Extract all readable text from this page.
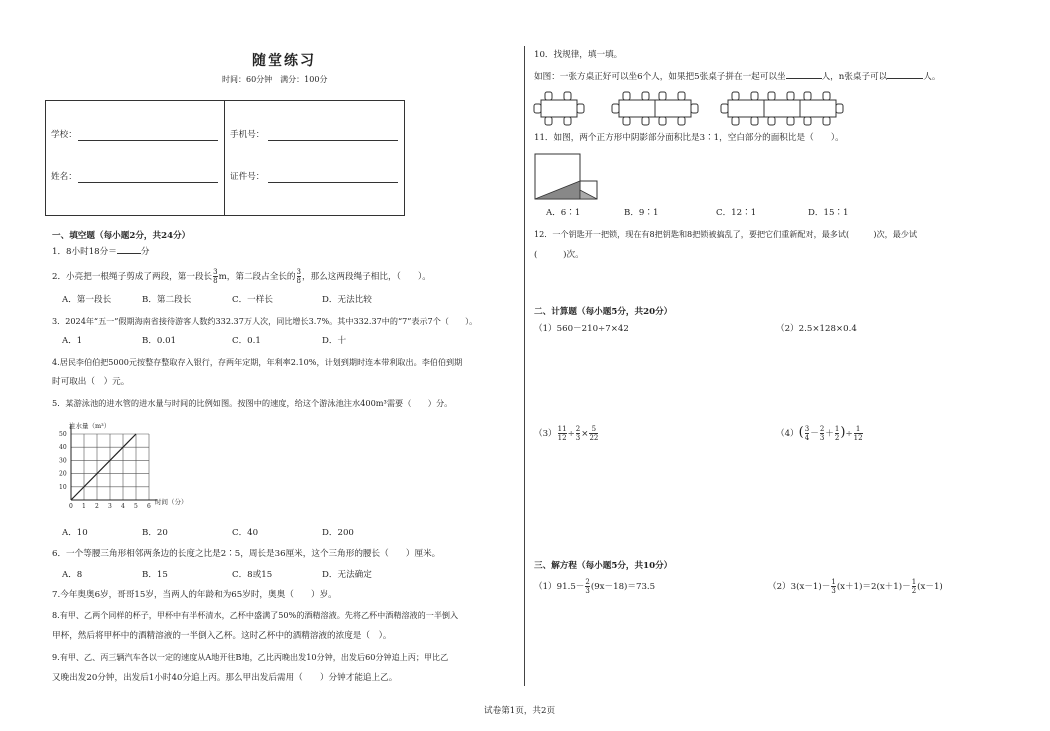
随堂练习
时间：60分钟　满分：100分
学校：	手机号：
姓名：	证件号：
一、填空题（每小题2分，共24分）
1．8小时18分＝	分
2．小亮把一根绳子剪成了两段，第一段长 $\frac{3}{8}$ m，第二段占全长的 $\frac{3}{8}$ ，那么这两段绳子相比，（　　）。
A．第一段长	B．第二段长	C．一样长	D．无法比较
3．2024年“五一”假期海南省接待游客人数约332.37万人次，同比增长3.7%。其中332.37中的“7”表示7个（　　）。
A．1	B．0.01	C．0.1	D．十
4.居民李伯伯把5000元按整存整取存入银行，存两年定期，年利率2.10%，计划到期时连本带利取出。李伯伯到期
时可取出（　）元。
5．某游泳池的进水管的进水量与时间的比例如图。按图中的速度，给这个游泳池注水400m³需要（　　）分。
0 1 2 3 4 5 6
10
20
30
40
50
注水量（m³）
时间（分）
A．10	B．20	C．40	D．200
6．一个等腰三角形相邻两条边的长度之比是2∶5，周长是36厘米，这个三角形的腰长（　　）厘米。
A．8	B．15	C．8或15	D．无法确定
7.今年奥奥6岁，哥哥15岁，当两人的年龄和为65岁时，奥奥（　　）岁。
8.有甲、乙两个同样的杯子，甲杯中有半杯清水，乙杯中盛满了50%的酒精溶液。先将乙杯中酒精溶液的一半倒入
甲杯，然后将甲杯中的酒精溶液的一半倒入乙杯。这时乙杯中的酒精溶液的浓度是（　）。
9.有甲、乙、丙三辆汽车各以一定的速度从A地开往B地，乙比丙晚出发10分钟，出发后60分钟追上丙；甲比乙
又晚出发20分钟，出发后1小时40分追上丙。那么甲出发后需用（　　）分钟才能追上乙。
10．找规律，填一填。
如图：一张方桌正好可以坐6个人，如果把5张桌子拼在一起可以坐	人，n张桌子可以	人。
11．如图，两个正方形中阴影部分面积比是3∶1，空白部分的面积比是（　　）。
A．6∶1	B．9∶1	C．12∶1	D．15∶1
12．一个钥匙开一把锁，现在有8把钥匙和8把锁被搞乱了，要把它们重新配对，最多试(　　　)次，最少试
(　　　)次。
二、计算题（每小题5分，共20分）
（1）560－210÷7×42	（2）2.5×128×0.4
$(3) \frac{11}{12} \div \frac{2}{3} \times \frac{5}{22}$	$(4)( \frac{3}{4} - \frac{2}{3} + \frac{1}{2}$ )÷ $\frac{1}{12}$
三、解方程（每小题5分，共10分）
$(1)91.5- \frac{2}{3} (9x-18)=73.5$	$(2)3(x-1)- \frac{1}{3} (x+1)=2(x+1)- \frac{1}{2} (x-1)$
试卷第1页，共2页
